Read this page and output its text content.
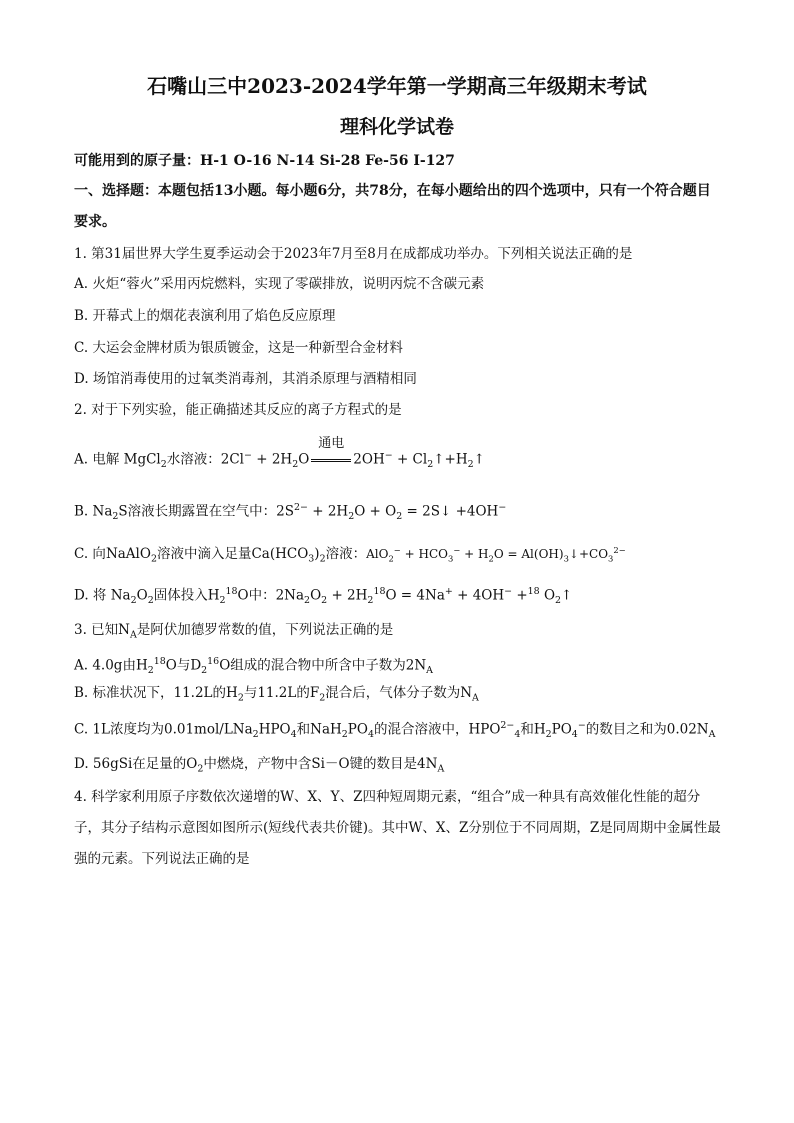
石嘴山三中2023-2024学年第一学期高三年级期末考试
理科化学试卷
可能用到的原子量：H-1 O-16 N-14 Si-28 Fe-56 I-127
一、选择题：本题包括13小题。每小题6分，共78分，在每小题给出的四个选项中，只有一个符合题目要求。
1. 第31届世界大学生夏季运动会于2023年7月至8月在成都成功举办。下列相关说法正确的是
A. 火炬“蓉火”采用丙烷燃料，实现了零碳排放，说明丙烷不含碳元素
B. 开幕式上的烟花表演利用了焰色反应原理
C. 大运会金牌材质为银质镀金，这是一种新型合金材料
D. 场馆消毒使用的过氧类消毒剂，其消杀原理与酒精相同
2. 对于下列实验，能正确描述其反应的离子方程式的是
A. 电解 MgCl$_2$水溶液：$2Cl^- + 2H_2O$
通电
$2OH^- + Cl_2↑+H_2↑$
B. $Na_2S$溶液长期露置在空气中：$2S^{2-} + 2H_2O + O_2$ = 2S↓ +4OH−
C. 向NaAlO$_2$溶液中滴入足量$Ca(HCO_3)_2$溶液：$AlO_2^- + HCO_3^- + H_2O$ = $Al(OH)_3↓+CO_3^{2-}$
D. 将 $Na_2O_2$固体投入$H_2^{18}O$中：$2Na_2O_2 + 2H_2^{18}O = 4Na^+ + 4OH^- +^{18}$ $O_2↑$
3. 已知$N_A$是阿伏加德罗常数的值，下列说法正确的是
A. 4.0g由$H_2^{18}O$与$D_2^{16}O$组成的混合物中所含中子数为$2N_A$
B. 标准状况下，11.2L的$H_2$与11.2L的$F_2$混合后，气体分子数为$N_A$
C. 1L浓度均为$0.01mol/LNa_2HPO_4$和$NaH_2PO_4$的混合溶液中，$HPO^{2-}_4$和$H_2PO_4^-$的数目之和为$0.02N_A$
D. 56gSi在足量的$O_2$中燃烧，产物中含Si－O键的数目是$4N_A$
4. 科学家利用原子序数依次递增的W、X、Y、Z四种短周期元素，“组合”成一种具有高效催化性能的超分子，其分子结构示意图如图所示(短线代表共价键)。其中W、X、Z分别位于不同周期，Z是同周期中金属性最强的元素。下列说法正确的是
